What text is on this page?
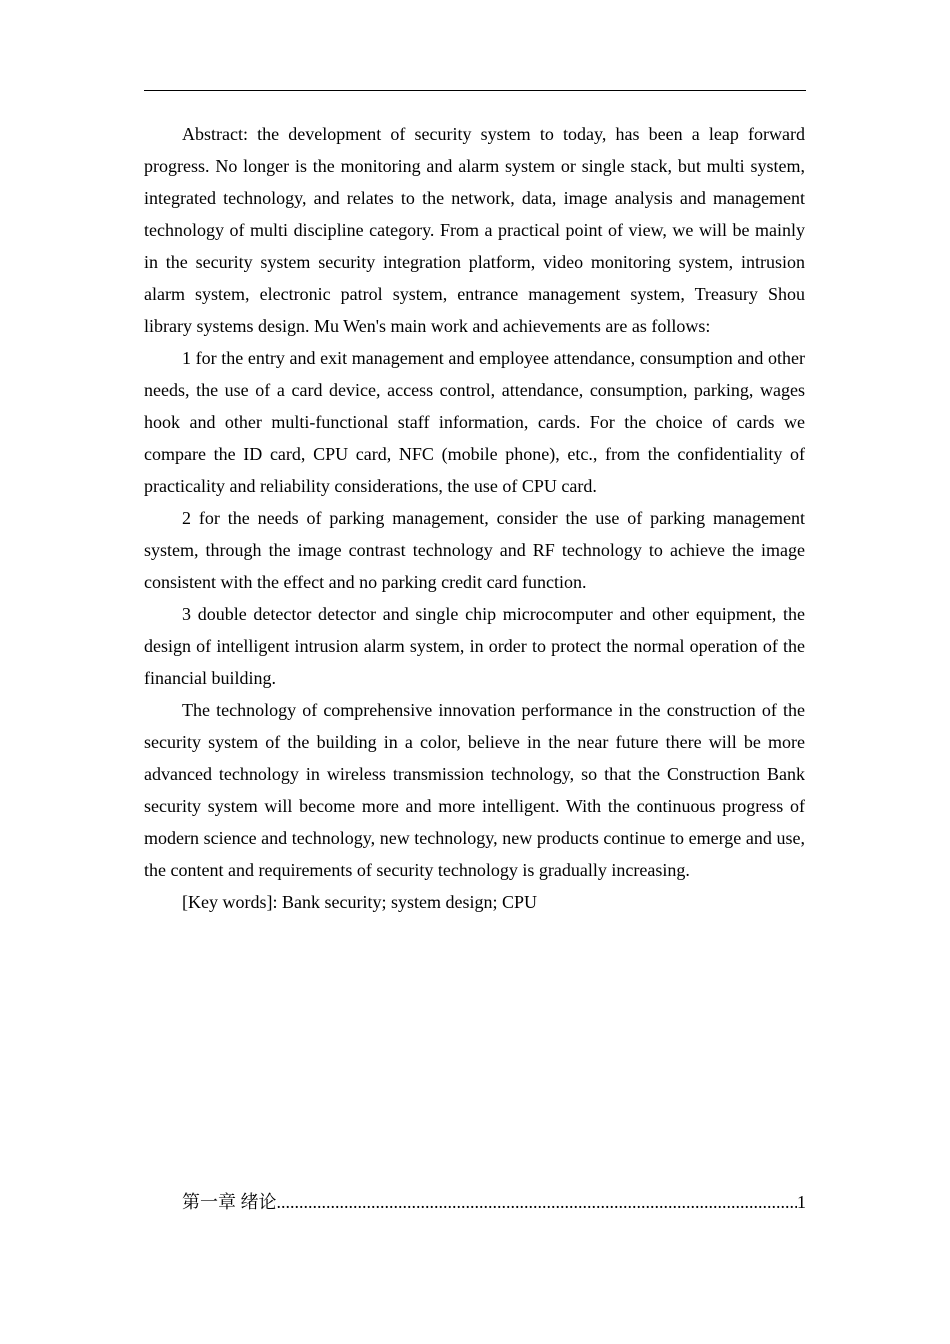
Abstract: the development of security system to today, has been a leap forward progress. No longer is the monitoring and alarm system or single stack, but multi system, integrated technology, and relates to the network, data, image analysis and management technology of multi discipline category. From a practical point of view, we will be mainly in the security system security integration platform, video monitoring system, intrusion alarm system, electronic patrol system, entrance management system, Treasury Shou library systems design. Mu Wen's main work and achievements are as follows:

1 for the entry and exit management and employee attendance, consumption and other needs, the use of a card device, access control, attendance, consumption, parking, wages hook and other multi-functional staff information, cards. For the choice of cards we compare the ID card, CPU card, NFC (mobile phone), etc., from the confidentiality of practicality and reliability considerations, the use of CPU card.

2 for the needs of parking management, consider the use of parking management system, through the image contrast technology and RF technology to achieve the image consistent with the effect and no parking credit card function.

3 double detector detector and single chip microcomputer and other equipment, the design of intelligent intrusion alarm system, in order to protect the normal operation of the financial building.

The technology of comprehensive innovation performance in the construction of the security system of the building in a color, believe in the near future there will be more advanced technology in wireless transmission technology, so that the Construction Bank security system will become more and more intelligent. With the continuous progress of modern science and technology, new technology, new products continue to emerge and use, the content and requirements of security technology is gradually increasing.

[Key words]: Bank security; system design; CPU

第一章 绪论 .....	1
